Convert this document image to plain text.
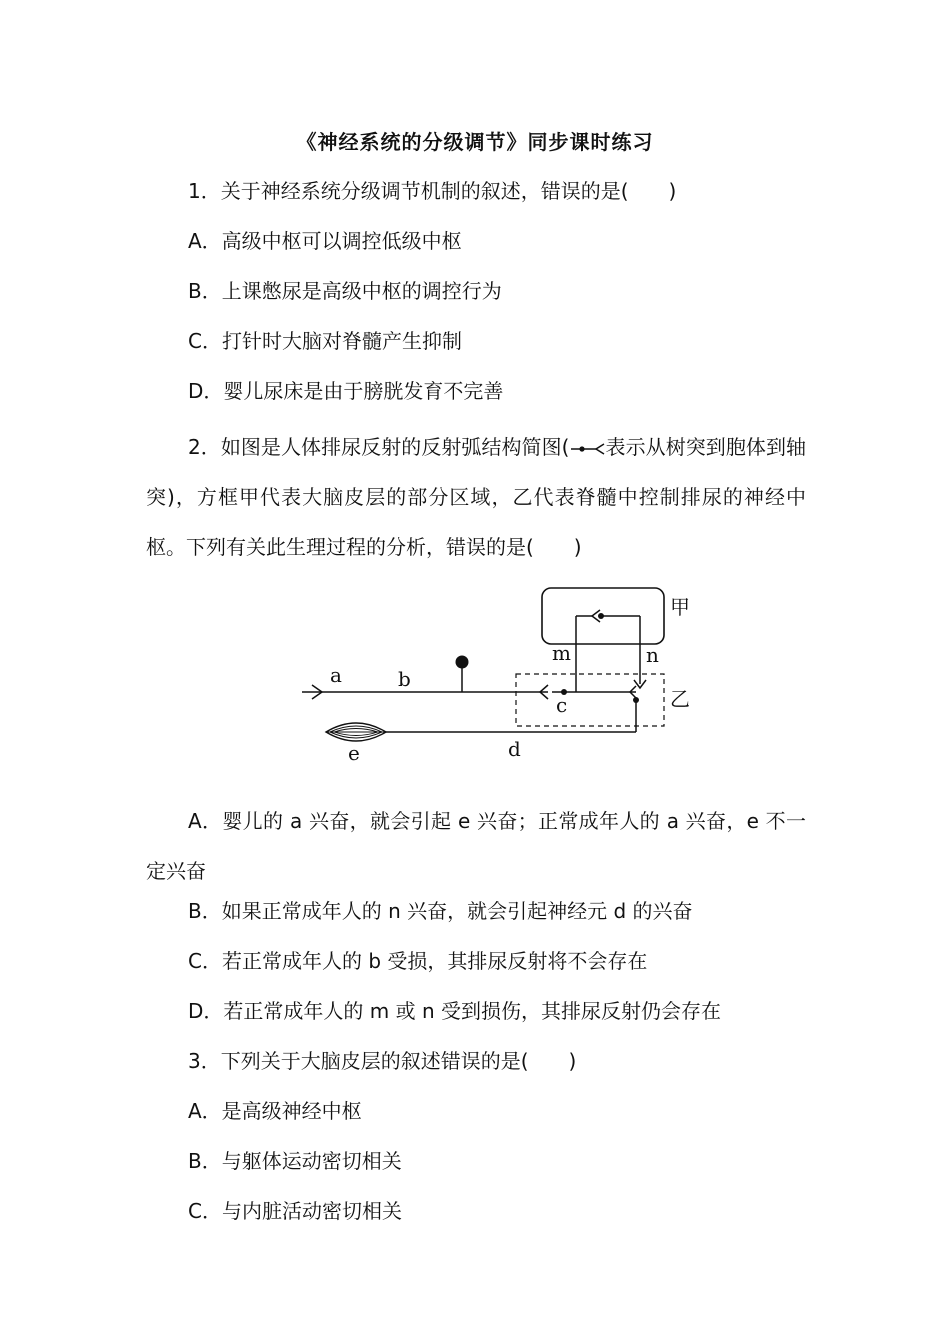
《神经系统的分级调节》同步课时练习
1．关于神经系统分级调节机制的叙述，错误的是(　　)
A．高级中枢可以调控低级中枢
B．上课憋尿是高级中枢的调控行为
C．打针时大脑对脊髓产生抑制
D．婴儿尿床是由于膀胱发育不完善
2．如图是人体排尿反射的反射弧结构简图( 表示从树突到胞体到轴突)，方框甲代表大脑皮层的部分区域，乙代表脊髓中控制排尿的神经中枢。下列有关此生理过程的分析，错误的是(　　)
a	b
c
d
e
m	n
甲
乙
A．婴儿的 a 兴奋，就会引起 e 兴奋；正常成年人的 a 兴奋，e 不一定兴奋
B．如果正常成年人的 n 兴奋，就会引起神经元 d 的兴奋
C．若正常成年人的 b 受损，其排尿反射将不会存在
D．若正常成年人的 m 或 n 受到损伤，其排尿反射仍会存在
3．下列关于大脑皮层的叙述错误的是(　　)
A．是高级神经中枢
B．与躯体运动密切相关
C．与内脏活动密切相关
